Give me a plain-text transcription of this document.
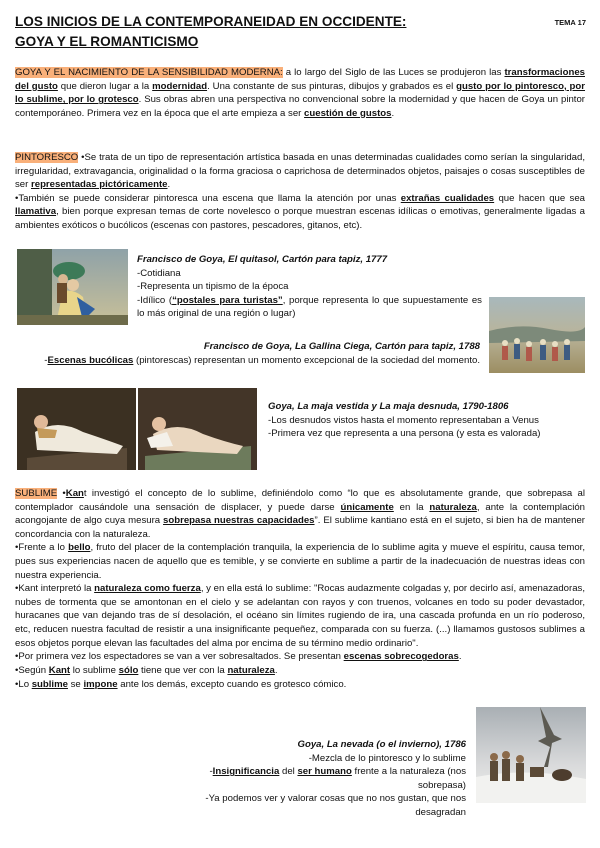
LOS INICIOS DE LA CONTEMPORANEIDAD EN OCCIDENTE:
GOYA Y EL ROMANTICISMO
TEMA 17
GOYA Y EL NACIMIENTO DE LA SENSIBILIDAD MODERNA: a lo largo del Siglo de las Luces se produjeron las transformaciones del gusto que dieron lugar a la modernidad. Una constante de sus pinturas, dibujos y grabados es el gusto por lo pintoresco, por lo sublime, por lo grotesco. Sus obras abren una perspectiva no convencional sobre la modernidad y que hacen de Goya un pintor contemporáneo. Primera vez en la época que el arte empieza a ser cuestión de gustos.

PINTORESCO •Se trata de un tipo de representación artística basada en unas determinadas cualidades como serían la singularidad, irregularidad, extravagancia, originalidad o la forma graciosa o caprichosa de determinados objetos, paisajes o cosas susceptibles de ser representadas pictóricamente.

•También se puede considerar pintoresca una escena que llama la atención por unas extrañas cualidades que hacen que sea llamativa, bien porque expresan temas de corte novelesco o porque muestran escenas idílicas o emotivas, generalmente ligadas a ambientes exóticos o bucólicos (escenas con pastores, pescadores, gitanos, etc).

Francisco de Goya, El quitasol, Cartón para tapiz, 1777
-Cotidiana
-Representa un tipismo de la época
-Idílico (“postales para turistas”, porque representa lo que supuestamente es lo más original de una región o lugar)
Francisco de Goya, La Gallina Ciega, Cartón para tapiz, 1788
-Escenas bucólicas (pintorescas) representan un momento excepcional de la sociedad del momento.
Goya, La maja vestida y La maja desnuda, 1790-1806
-Los desnudos vistos hasta el momento representaban a Venus
-Primera vez que representa a una persona (y esta es valorada)

SUBLIME •Kant investigó el concepto de lo sublime, definiéndolo como “lo que es absolutamente grande, que sobrepasa al contemplador causándole una sensación de displacer, y puede darse únicamente en la naturaleza, ante la contemplación acongojante de algo cuya mesura sobrepasa nuestras capacidades”. El sublime kantiano está en el sujeto, si bien ha de mantener concordancia con la naturaleza.

•Frente a lo bello, fruto del placer de la contemplación tranquila, la experiencia de lo sublime agita y mueve el espíritu, causa temor, pues sus experiencias nacen de aquello que es temible, y se convierte en sublime a partir de la inadecuación de nuestras ideas con nuestra experiencia.

•Kant interpretó la naturaleza como fuerza, y en ella está lo sublime: "Rocas audazmente colgadas y, por decirlo así, amenazadoras, nubes de tormenta que se amontonan en el cielo y se adelantan con rayos y con truenos, volcanes en todo su poder devastador, huracanes que van dejando tras de sí desolación, el océano sin límites rugiendo de ira, una cascada profunda en un río poderoso, etc, reducen nuestra facultad de resistir a una insignificante pequeñez, comparada con su fuerza. (...) llamamos gustosos sublimes a esos objetos porque elevan las facultades del alma por encima de su término medio ordinario".

•Por primera vez los espectadores se van a ver sobresaltados. Se presentan escenas sobrecogedoras.

•Según Kant lo sublime sólo tiene que ver con la naturaleza.

•Lo sublime se impone ante los demás, excepto cuando es grotesco cómico.

Goya, La nevada (o el invierno), 1786
-Mezcla de lo pintoresco y lo sublime
-Insignificancia del ser humano frente a la naturaleza (nos sobrepasa)
-Ya podemos ver y valorar cosas que no nos gustan, que nos desagradan
